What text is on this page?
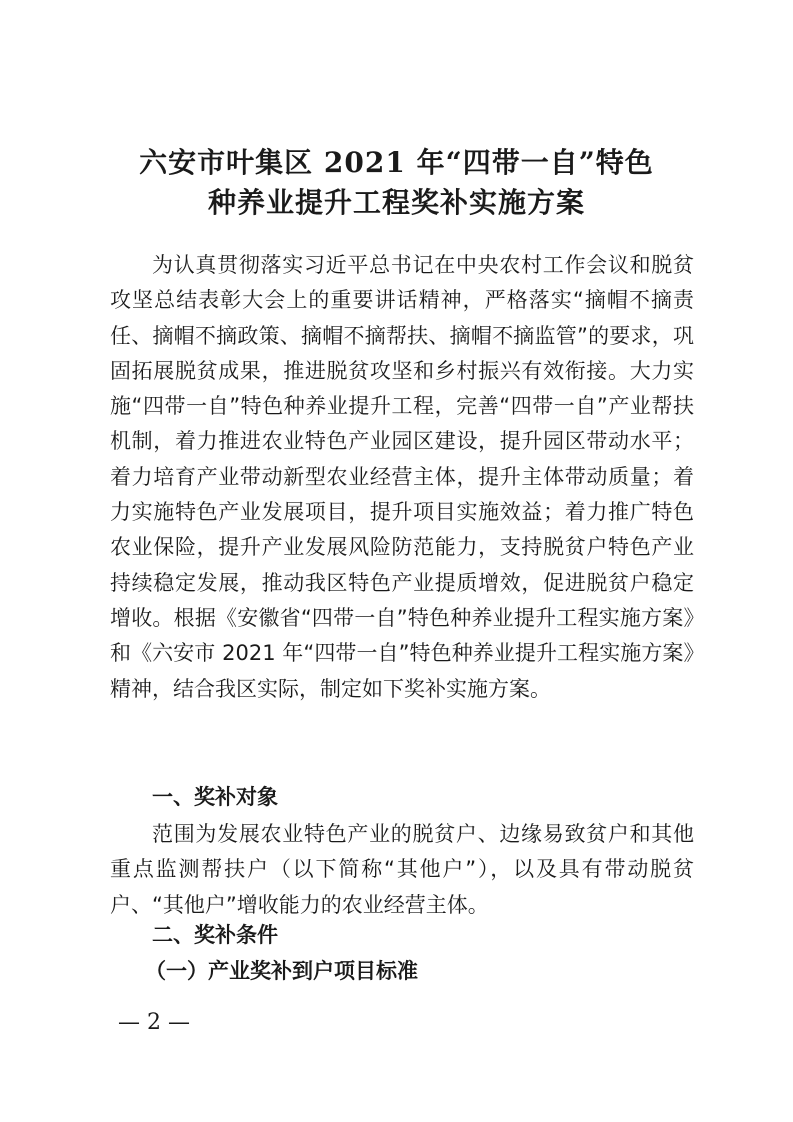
六安市叶集区 2021 年“四带一自”特色
种养业提升工程奖补实施方案

为认真贯彻落实习近平总书记在中央农村工作会议和脱贫攻坚总结表彰大会上的重要讲话精神，严格落实“摘帽不摘责任、摘帽不摘政策、摘帽不摘帮扶、摘帽不摘监管”的要求，巩固拓展脱贫成果，推进脱贫攻坚和乡村振兴有效衔接。大力实施“四带一自”特色种养业提升工程，完善“四带一自”产业帮扶机制，着力推进农业特色产业园区建设，提升园区带动水平；着力培育产业带动新型农业经营主体，提升主体带动质量；着力实施特色产业发展项目，提升项目实施效益；着力推广特色农业保险，提升产业发展风险防范能力，支持脱贫户特色产业持续稳定发展，推动我区特色产业提质增效，促进脱贫户稳定增收。根据《安徽省“四带一自”特色种养业提升工程实施方案》和《六安市 2021 年“四带一自”特色种养业提升工程实施方案》精神，结合我区实际，制定如下奖补实施方案。

一、奖补对象

范围为发展农业特色产业的脱贫户、边缘易致贫户和其他重点监测帮扶户（以下简称“其他户”），以及具有带动脱贫户、“其他户”增收能力的农业经营主体。

二、奖补条件
（一）产业奖补到户项目标准
— 2 —
